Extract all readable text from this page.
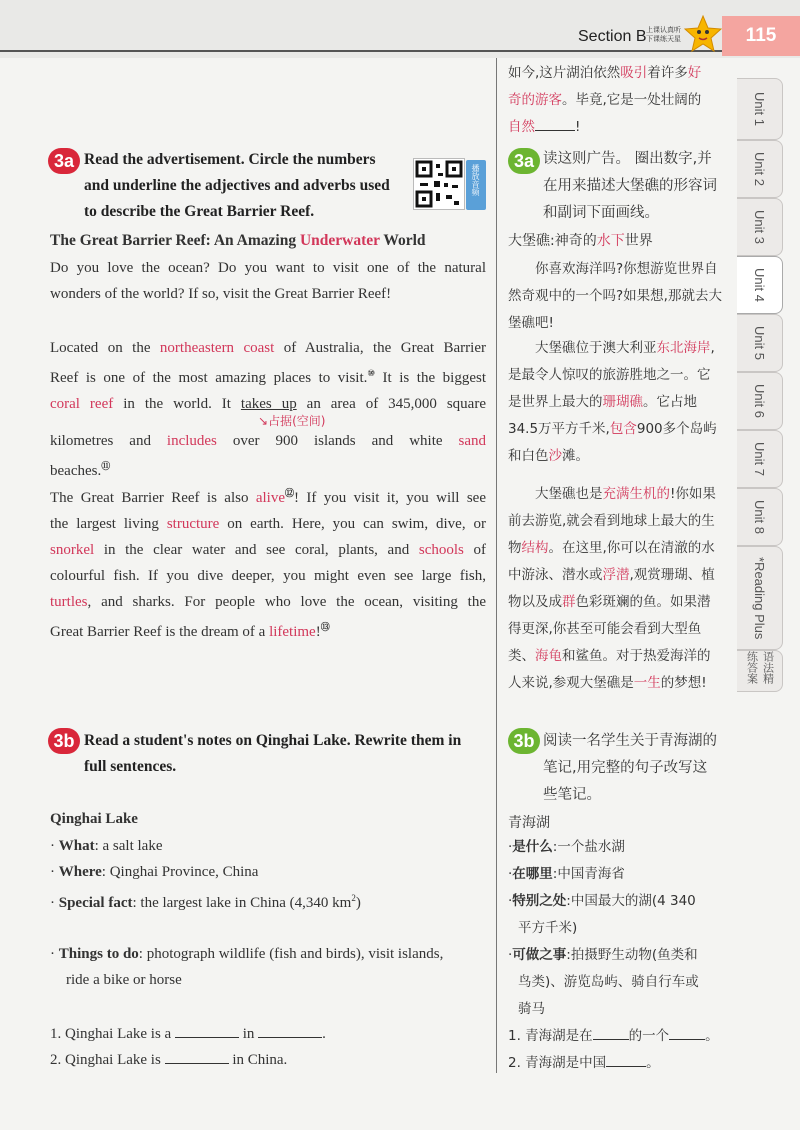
Section B 上课认真听
下课练天星	115
Unit 1
Unit 2
Unit 3
Unit 4
Unit 5
Unit 6
Unit 7
Unit 8
*Reading Plus
语法精练答案
3a Read the advertisement. Circle the numbers
and underline the adjectives and adverbs used
to describe the Great Barrier Reef.
播放音频
The Great Barrier Reef: An Amazing Underwater World
Do you love the ocean? Do you want to visit one of the natural
wonders of the world? If so, visit the Great Barrier Reef!
Located on the northeastern coast of Australia, the Great Barrier
Reef is one of the most amazing places to visit.⑩ It is the biggest
coral reef in the world. It takes up an area of 345,000 square
↘占据(空间)
kilometres and includes over 900 islands and white sand
beaches.⑪
The Great Barrier Reef is also alive⑫! If you visit it, you will see
the largest living structure on earth. Here, you can swim, dive, or
snorkel in the clear water and see coral, plants, and schools of
colourful fish. If you dive deeper, you might even see large fish,
turtles, and sharks. For people who love the ocean, visiting the
Great Barrier Reef is the dream of a lifetime!⑬
3b Read a student's notes on Qinghai Lake. Rewrite them in
full sentences.
Qinghai Lake
· What: a salt lake
· Where: Qinghai Province, China
· Special fact: the largest lake in China (4,340 $km^2$)
· Things to do: photograph wildlife (fish and birds), visit islands,
ride a bike or horse
1. Qinghai Lake is a	in	.
2. Qinghai Lake is	in China.
如今,这片湖泊依然吸引着许多好
奇的游客。毕竟,它是一处壮阔的
自然	!
3a 读这则广告。 圈出数字,并
在用来描述大堡礁的形容词
和副词下面画线。
大堡礁:神奇的水下世界
你喜欢海洋吗?你想游览世界自然奇观中的一个吗?如果想,那就去大堡礁吧!
大堡礁位于澳大利亚东北海岸,是最令人惊叹的旅游胜地之一。它是世界上最大的珊瑚礁。它占地34.5万平方千米,包含900多个岛屿和白色沙滩。
大堡礁也是充满生机的!你如果前去游览,就会看到地球上最大的生物结构。在这里,你可以在清澈的水中游泳、潜水或浮潜,观赏珊瑚、植物以及成群色彩斑斓的鱼。如果潜得更深,你甚至可能会看到大型鱼类、海龟和鲨鱼。对于热爱海洋的人来说,参观大堡礁是一生的梦想!
3b 阅读一名学生关于青海湖的
笔记,用完整的句子改写这
些笔记。
青海湖
·是什么:一个盐水湖
·在哪里:中国青海省
·特别之处:中国最大的湖(4 340
平方千米)
·可做之事:拍摄野生动物(鱼类和
鸟类)、游览岛屿、骑自行车或
骑马
1. 青海湖是在	的一个	。
2. 青海湖是中国	。
